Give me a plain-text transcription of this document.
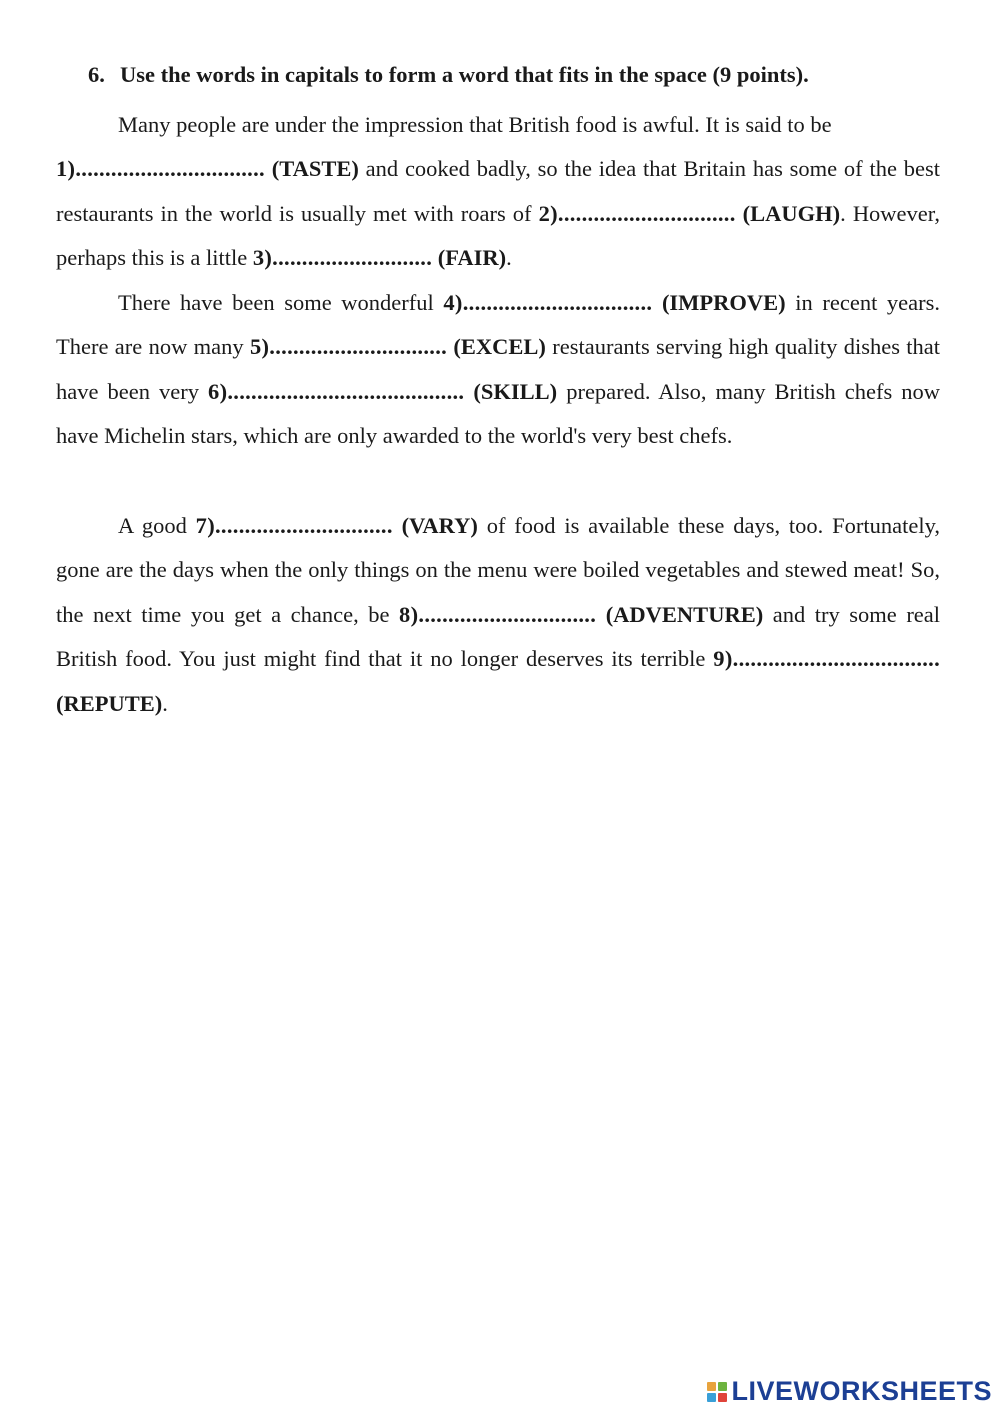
6. Use the words in capitals to form a word that fits in the space (9 points).
Many people are under the impression that British food is awful. It is said to be
1)................................ (TASTE) and cooked badly, so the idea that Britain has some of the best restaurants in the world is usually met with roars of 2).............................. (LAUGH). However, perhaps this is a little 3)........................... (FAIR).
There have been some wonderful 4)................................ (IMPROVE) in recent years. There are now many 5).............................. (EXCEL) restaurants serving high quality dishes that have been very 6)........................................ (SKILL) prepared. Also, many British chefs now have Michelin stars, which are only awarded to the world's very best chefs.
A good 7).............................. (VARY) of food is available these days, too. Fortunately, gone are the days when the only things on the menu were boiled vegetables and stewed meat! So, the next time you get a chance, be 8).............................. (ADVENTURE) and try some real British food. You just might find that it no longer deserves its terrible 9)...................................(REPUTE).
LIVEWORKSHEETS
